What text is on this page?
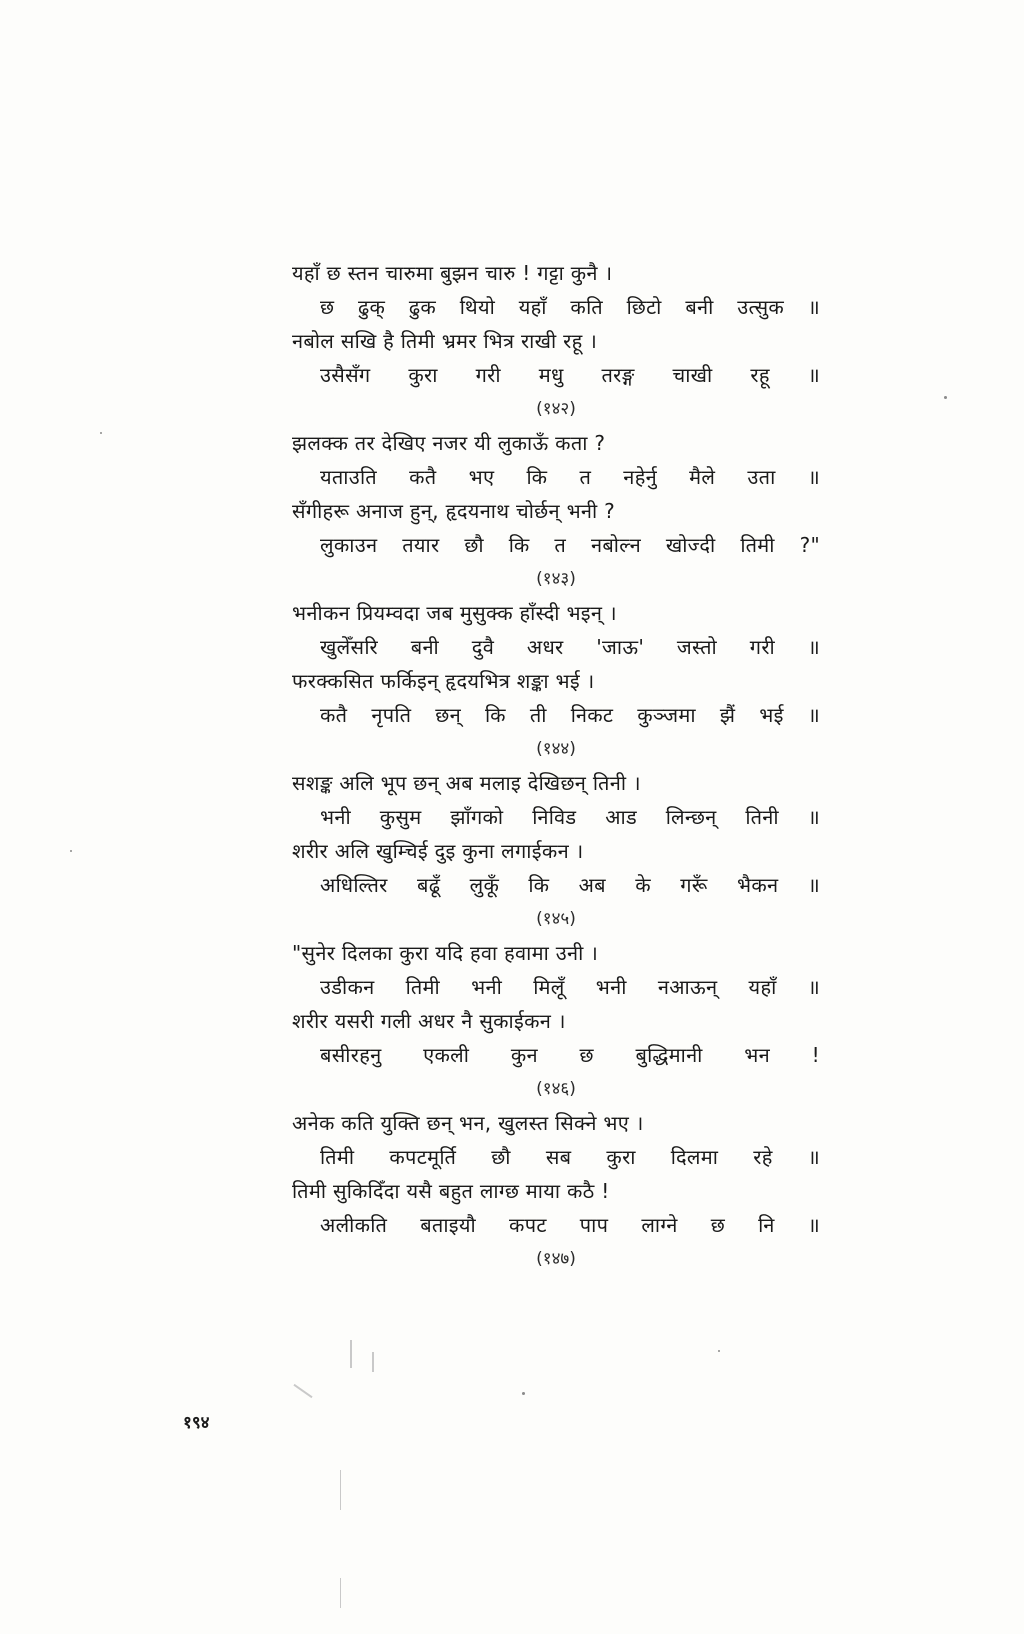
यहाँ छ स्तन चारुमा बुझन चारु ! गट्टा कुनै ।
छ ढुक् ढुक थियो यहाँ कति छिटो बनी उत्सुक ॥
नबोल सखि है तिमी भ्रमर भित्र राखी रहू ।
उसैसँग कुरा गरी मधु तरङ्ग चाखी रहू ॥
(१४२)
झलक्क तर देखिए नजर यी लुकाऊँ कता ?
यताउति कतै भए कि त नहेर्नु मैले उता ॥
सँगीहरू अनाज हुन्, हृदयनाथ चोर्छन् भनी ?
लुकाउन तयार छौ कि त नबोल्न खोज्दी तिमी ?"
(१४३)
भनीकन प्रियम्वदा जब मुसुक्क हाँस्दी भइन् ।
खुलेँसरि बनी दुवै अधर 'जाऊ' जस्तो गरी ॥
फरक्कसित फर्किइन् हृदयभित्र शङ्का भई ।
कतै नृपति छन् कि ती निकट कुञ्जमा झैं भई ॥
(१४४)
सशङ्क अलि भूप छन् अब मलाइ देखिछन् तिनी ।
भनी कुसुम झाँगको निविड आड लिन्छन् तिनी ॥
शरीर अलि खुम्चिई दुइ कुना लगाईकन ।
अधिल्तिर बढूँ लुकूँ कि अब के गरूँ भैकन ॥
(१४५)
"सुनेर दिलका कुरा यदि हवा हवामा उनी ।
उडीकन तिमी भनी मिलूँ भनी नआऊन् यहाँ ॥
शरीर यसरी गली अधर नै सुकाईकन ।
बसीरहनु एकली कुन छ बुद्धिमानी भन !
(१४६)
अनेक कति युक्ति छन् भन, खुलस्त सिक्ने भए ।
तिमी कपटमूर्ति छौ सब कुरा दिलमा रहे ॥
तिमी सुकिदिँदा यसै बहुत लाग्छ माया कठै !
अलीकति बताइयौ कपट पाप लाग्ने छ नि ॥
(१४७)
१९४
